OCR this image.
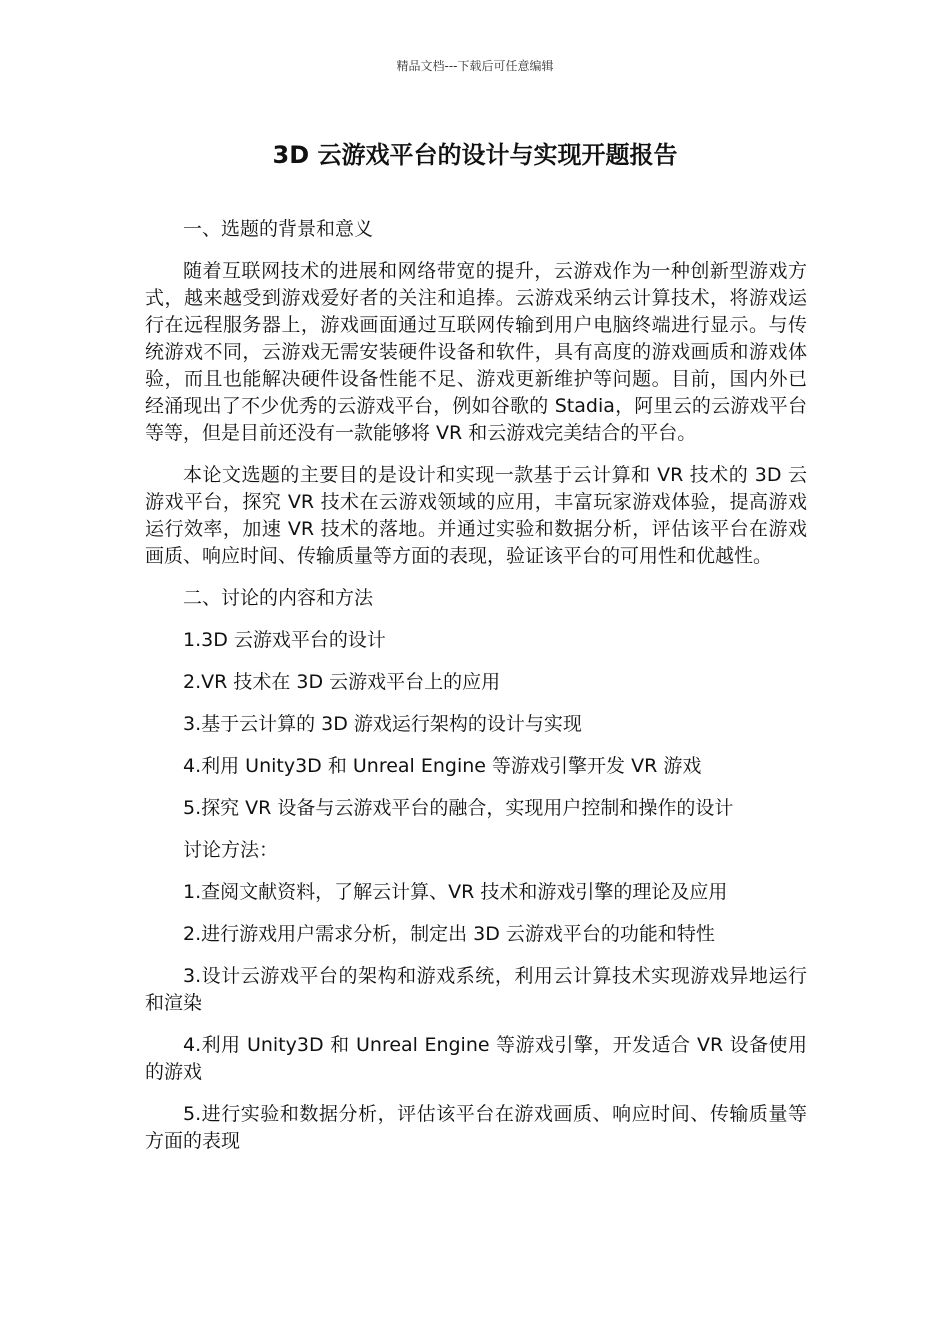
精品文档---下载后可任意编辑
3D 云游戏平台的设计与实现开题报告

一、选题的背景和意义

随着互联网技术的进展和网络带宽的提升，云游戏作为一种创新型游戏方式，越来越受到游戏爱好者的关注和追捧。云游戏采纳云计算技术，将游戏运行在远程服务器上，游戏画面通过互联网传输到用户电脑终端进行显示。与传统游戏不同，云游戏无需安装硬件设备和软件，具有高度的游戏画质和游戏体验，而且也能解决硬件设备性能不足、游戏更新维护等问题。目前，国内外已经涌现出了不少优秀的云游戏平台，例如谷歌的 Stadia，阿里云的云游戏平台等等，但是目前还没有一款能够将 VR 和云游戏完美结合的平台。

本论文选题的主要目的是设计和实现一款基于云计算和 VR 技术的 3D 云游戏平台，探究 VR 技术在云游戏领域的应用，丰富玩家游戏体验，提高游戏运行效率，加速 VR 技术的落地。并通过实验和数据分析，评估该平台在游戏画质、响应时间、传输质量等方面的表现，验证该平台的可用性和优越性。

二、讨论的内容和方法

1.3D 云游戏平台的设计

2.VR 技术在 3D 云游戏平台上的应用

3.基于云计算的 3D 游戏运行架构的设计与实现

4.利用 Unity3D 和 Unreal Engine 等游戏引擎开发 VR 游戏

5.探究 VR 设备与云游戏平台的融合，实现用户控制和操作的设计

讨论方法：

1.查阅文献资料，了解云计算、VR 技术和游戏引擎的理论及应用

2.进行游戏用户需求分析，制定出 3D 云游戏平台的功能和特性

3.设计云游戏平台的架构和游戏系统，利用云计算技术实现游戏异地运行和渲染

4.利用 Unity3D 和 Unreal Engine 等游戏引擎，开发适合 VR 设备使用的游戏

5.进行实验和数据分析，评估该平台在游戏画质、响应时间、传输质量等方面的表现
